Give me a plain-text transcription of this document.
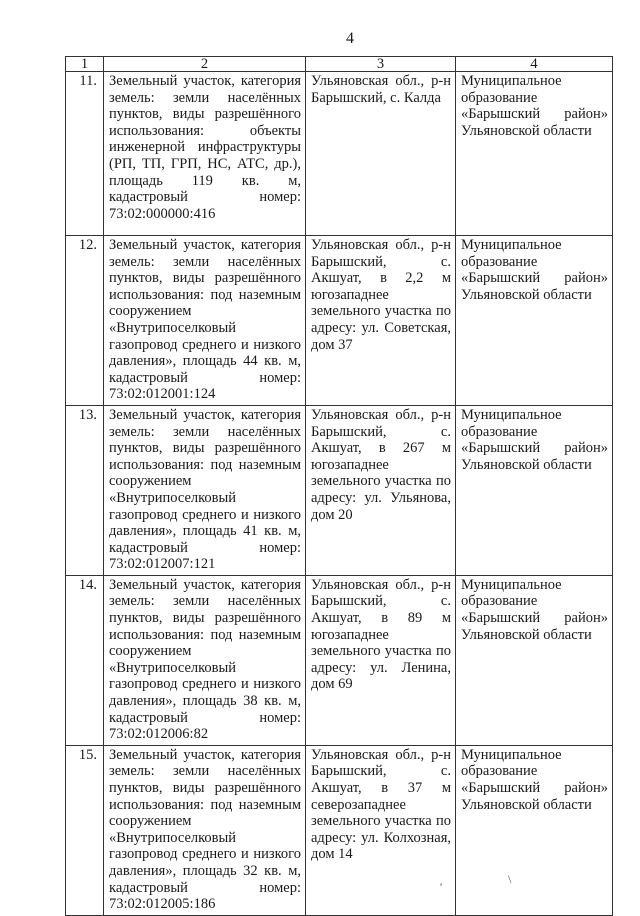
4
1	2	3	4
11.	Земельный участок, категория земель: земли населённых пунктов, виды разрешённого использования: объекты инженерной инфраструктуры (РП, ТП, ГРП, НС, АТС, др.), площадь 119 кв. м, кадастровый номер: 73:02:000000:416	Ульяновская обл., р-н Барышский, с. Калда	Муниципальное образование «Барышский район» Ульяновской области
12.	Земельный участок, категория земель: земли населённых пунктов, виды разрешённого использования: под наземным сооружением «Внутрипоселковый газопровод среднего и низкого давления», площадь 44 кв. м, кадастровый номер: 73:02:012001:124	Ульяновская обл., р-н Барышский, с. Акшуат, в 2,2 м югозападнее земельного участка по адресу: ул. Советская, дом 37	Муниципальное образование «Барышский район» Ульяновской области
13.	Земельный участок, категория земель: земли населённых пунктов, виды разрешённого использования: под наземным сооружением «Внутрипоселковый газопровод среднего и низкого давления», площадь 41 кв. м, кадастровый номер: 73:02:012007:121	Ульяновская обл., р-н Барышский, с. Акшуат, в 267 м югозападнее земельного участка по адресу: ул. Ульянова, дом 20	Муниципальное образование «Барышский район» Ульяновской области
14.	Земельный участок, категория земель: земли населённых пунктов, виды разрешённого использования: под наземным сооружением «Внутрипоселковый газопровод среднего и низкого давления», площадь 38 кв. м, кадастровый номер: 73:02:012006:82	Ульяновская обл., р-н Барышский, с. Акшуат, в 89 м югозападнее земельного участка по адресу: ул. Ленина, дом 69	Муниципальное образование «Барышский район» Ульяновской области
15.	Земельный участок, категория земель: земли населённых пунктов, виды разрешённого использования: под наземным сооружением «Внутрипоселковый газопровод среднего и низкого давления», площадь 32 кв. м, кадастровый номер: 73:02:012005:186	Ульяновская обл., р-н Барышский, с. Акшуат, в 37 м северозападнее земельного участка по адресу: ул. Колхозная, дом 14	Муниципальное образование «Барышский район» Ульяновской области
'
\
